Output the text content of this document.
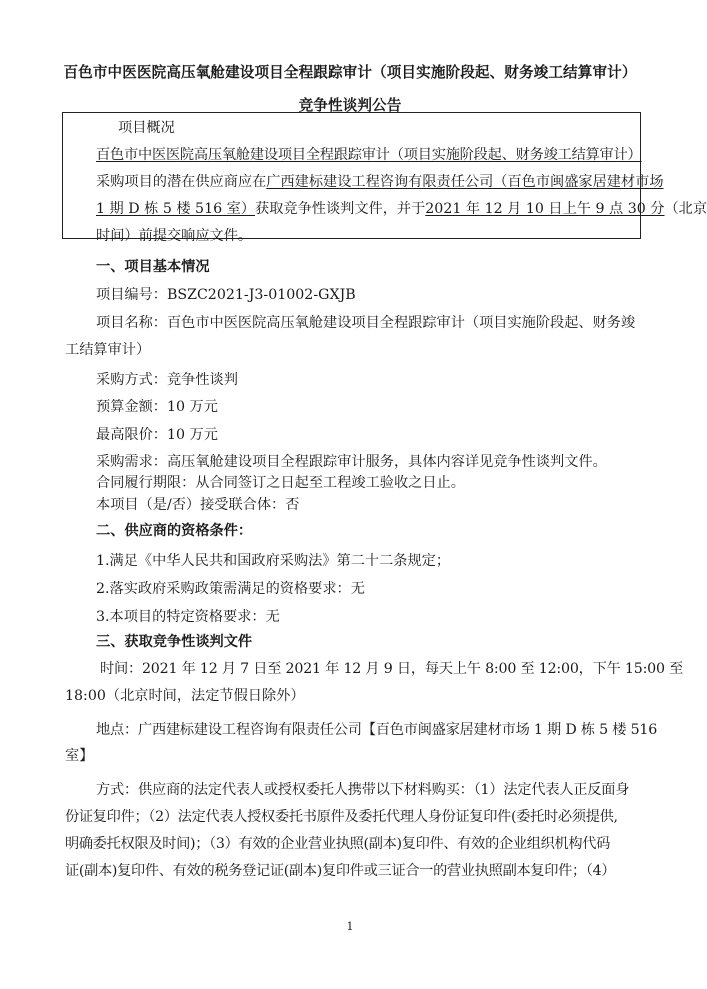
百色市中医医院高压氧舱建设项目全程跟踪审计（项目实施阶段起、财务竣工结算审计）
竞争性谈判公告
项目概况
百色市中医医院高压氧舱建设项目全程跟踪审计（项目实施阶段起、财务竣工结算审计）
采购项目的潜在供应商应在广西建标建设工程咨询有限责任公司（百色市闽盛家居建材市场
1 期 D 栋 5 楼 516 室）获取竞争性谈判文件，并于2021 年 12 月 10 日上午 9 点 30 分（北京
时间）前提交响应文件。
一、项目基本情况
项目编号：BSZC2021-J3-01002-GXJB
项目名称：百色市中医医院高压氧舱建设项目全程跟踪审计（项目实施阶段起、财务竣
工结算审计）
采购方式：竞争性谈判
预算金额：10 万元
最高限价：10 万元
采购需求：高压氧舱建设项目全程跟踪审计服务，具体内容详见竞争性谈判文件。
合同履行期限：从合同签订之日起至工程竣工验收之日止。
本项目（是/否）接受联合体：否
二、供应商的资格条件：
1.满足《中华人民共和国政府采购法》第二十二条规定；
2.落实政府采购政策需满足的资格要求：无
3.本项目的特定资格要求：无
三、获取竞争性谈判文件
时间：2021 年 12 月 7 日至 2021 年 12 月 9 日，每天上午 8:00 至 12:00，下午 15:00 至
18:00（北京时间，法定节假日除外）
地点：广西建标建设工程咨询有限责任公司【百色市闽盛家居建材市场 1 期 D 栋 5 楼 516
室】
方式：供应商的法定代表人或授权委托人携带以下材料购买：（1）法定代表人正反面身
份证复印件；（2）法定代表人授权委托书原件及委托代理人身份证复印件(委托时必须提供,
明确委托权限及时间)；（3）有效的企业营业执照(副本)复印件、有效的企业组织机构代码
证(副本)复印件、有效的税务登记证(副本)复印件或三证合一的营业执照副本复印件；（4）
1
